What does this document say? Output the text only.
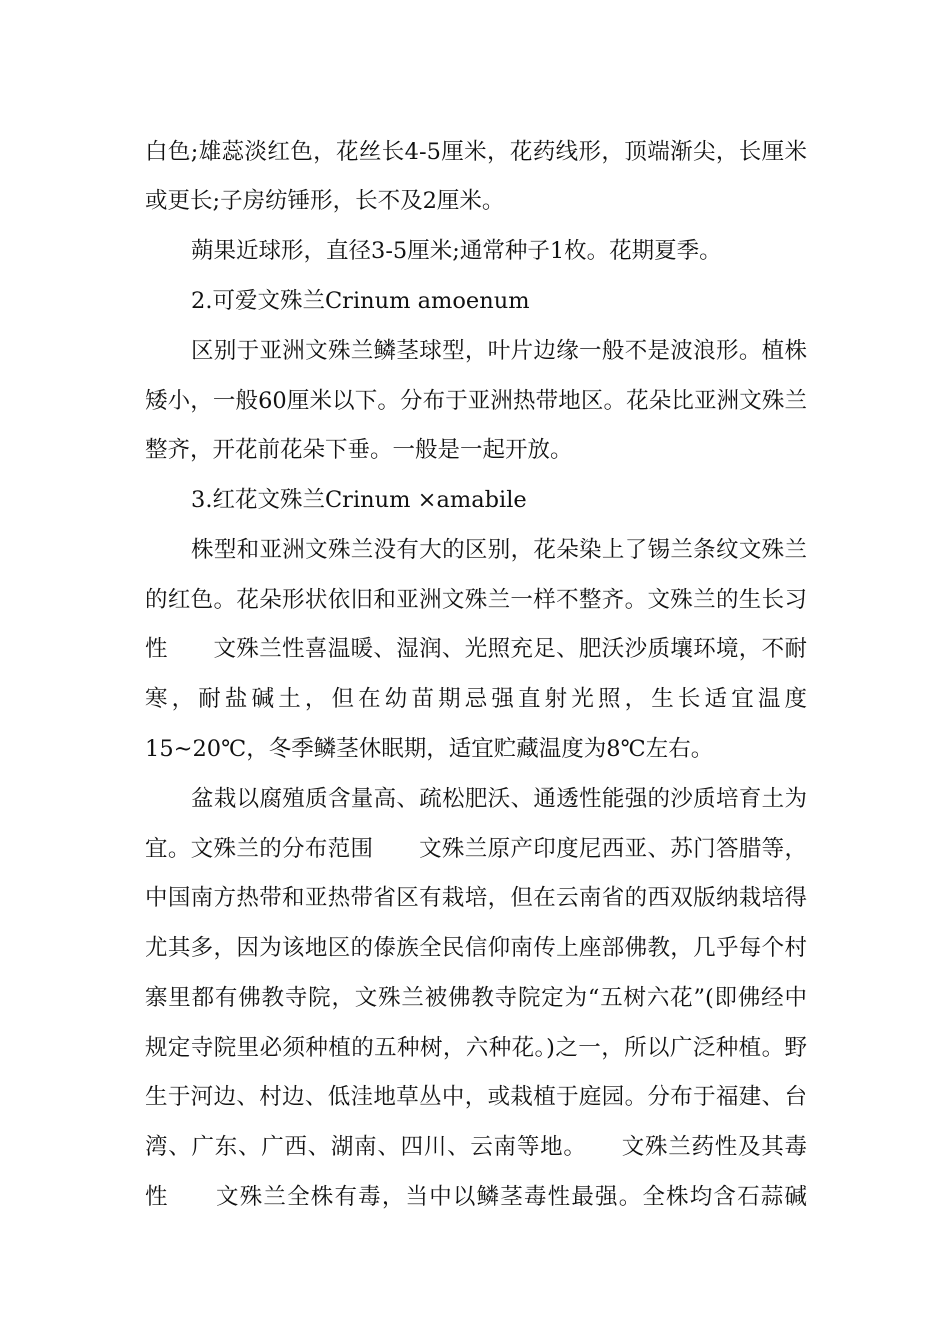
白色;雄蕊淡红色，花丝长4-5厘米，花药线形，顶端渐尖，长厘米
或更长;子房纺锤形，长不及2厘米。
蒴果近球形，直径3-5厘米;通常种子1枚。花期夏季。
2.可爱文殊兰Crinum amoenum
区别于亚洲文殊兰鳞茎球型，叶片边缘一般不是波浪形。植株
矮小，一般60厘米以下。分布于亚洲热带地区。花朵比亚洲文殊兰
整齐，开花前花朵下垂。一般是一起开放。
3.红花文殊兰Crinum ×amabile
株型和亚洲文殊兰没有大的区别，花朵染上了锡兰条纹文殊兰
的红色。花朵形状依旧和亚洲文殊兰一样不整齐。文殊兰的生长习
性　　文殊兰性喜温暖、湿润、光照充足、肥沃沙质壤环境，不耐
寒，耐盐碱土，但在幼苗期忌强直射光照，生长适宜温度
15~20℃，冬季鳞茎休眠期，适宜贮藏温度为8℃左右。
盆栽以腐殖质含量高、疏松肥沃、通透性能强的沙质培育土为
宜。文殊兰的分布范围　　文殊兰原产印度尼西亚、苏门答腊等，
中国南方热带和亚热带省区有栽培，但在云南省的西双版纳栽培得
尤其多，因为该地区的傣族全民信仰南传上座部佛教，几乎每个村
寨里都有佛教寺院，文殊兰被佛教寺院定为“五树六花”(即佛经中
规定寺院里必须种植的五种树，六种花。)之一，所以广泛种植。野
生于河边、村边、低洼地草丛中，或栽植于庭园。分布于福建、台
湾、广东、广西、湖南、四川、云南等地。　　文殊兰药性及其毒
性　　文殊兰全株有毒，当中以鳞茎毒性最强。全株均含石蒜碱
